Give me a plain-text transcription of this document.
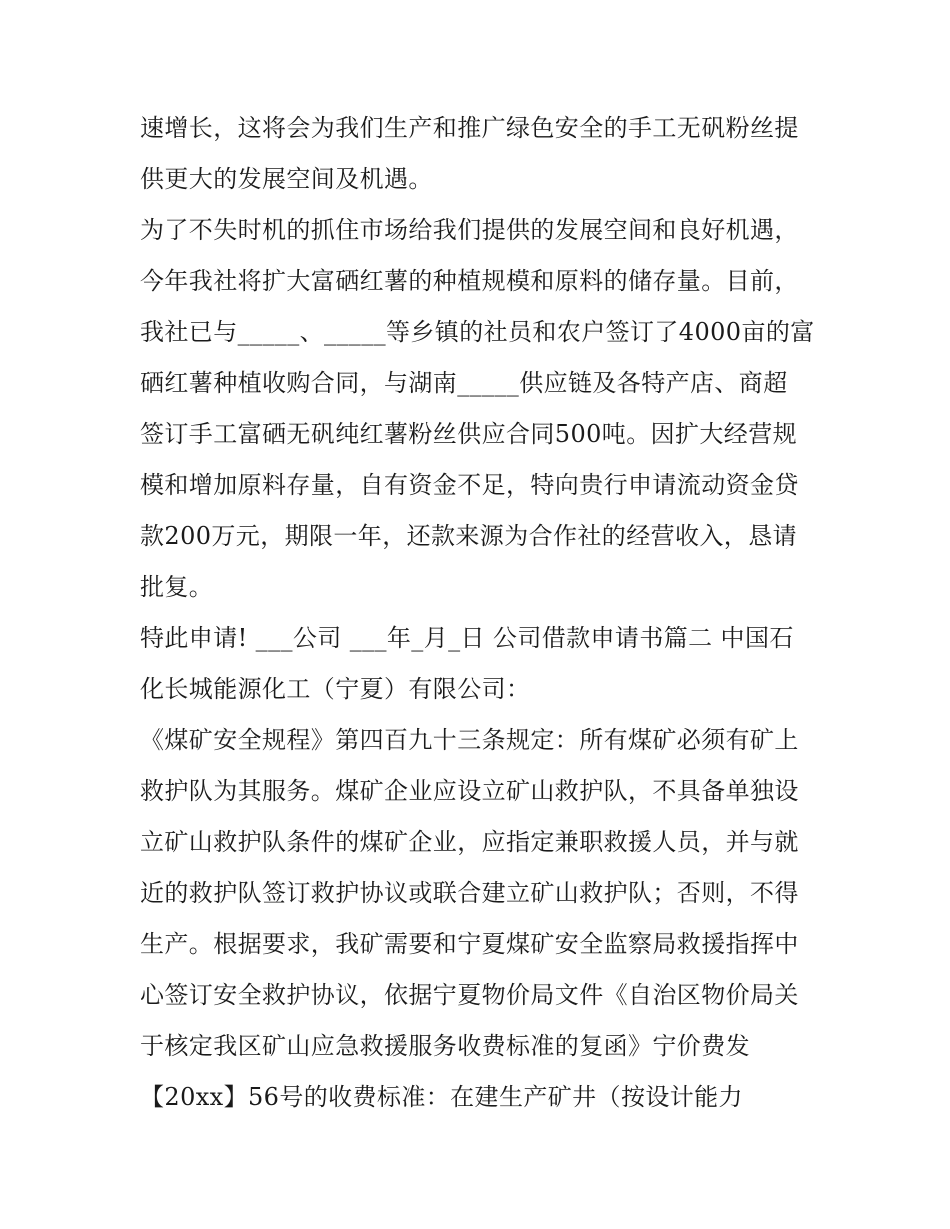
速增长，这将会为我们生产和推广绿色安全的手工无矾粉丝提
供更大的发展空间及机遇。
为了不失时机的抓住市场给我们提供的发展空间和良好机遇，
今年我社将扩大富硒红薯的种植规模和原料的储存量。目前，
我社已与_____、_____等乡镇的社员和农户签订了4000亩的富
硒红薯种植收购合同，与湖南_____供应链及各特产店、商超
签订手工富硒无矾纯红薯粉丝供应合同500吨。因扩大经营规
模和增加原料存量，自有资金不足，特向贵行申请流动资金贷
款200万元，期限一年，还款来源为合作社的经营收入，恳请
批复。
特此申请! ___公司 ___年_月_日 公司借款申请书篇二 中国石
化长城能源化工（宁夏）有限公司：
《煤矿安全规程》第四百九十三条规定：所有煤矿必须有矿上
救护队为其服务。煤矿企业应设立矿山救护队，不具备单独设
立矿山救护队条件的煤矿企业，应指定兼职救援人员，并与就
近的救护队签订救护协议或联合建立矿山救护队；否则，不得
生产。根据要求，我矿需要和宁夏煤矿安全监察局救援指挥中
心签订安全救护协议，依据宁夏物价局文件《自治区物价局关
于核定我区矿山应急救援服务收费标准的复函》宁价费发
【20xx】56号的收费标准：在建生产矿井（按设计能力
